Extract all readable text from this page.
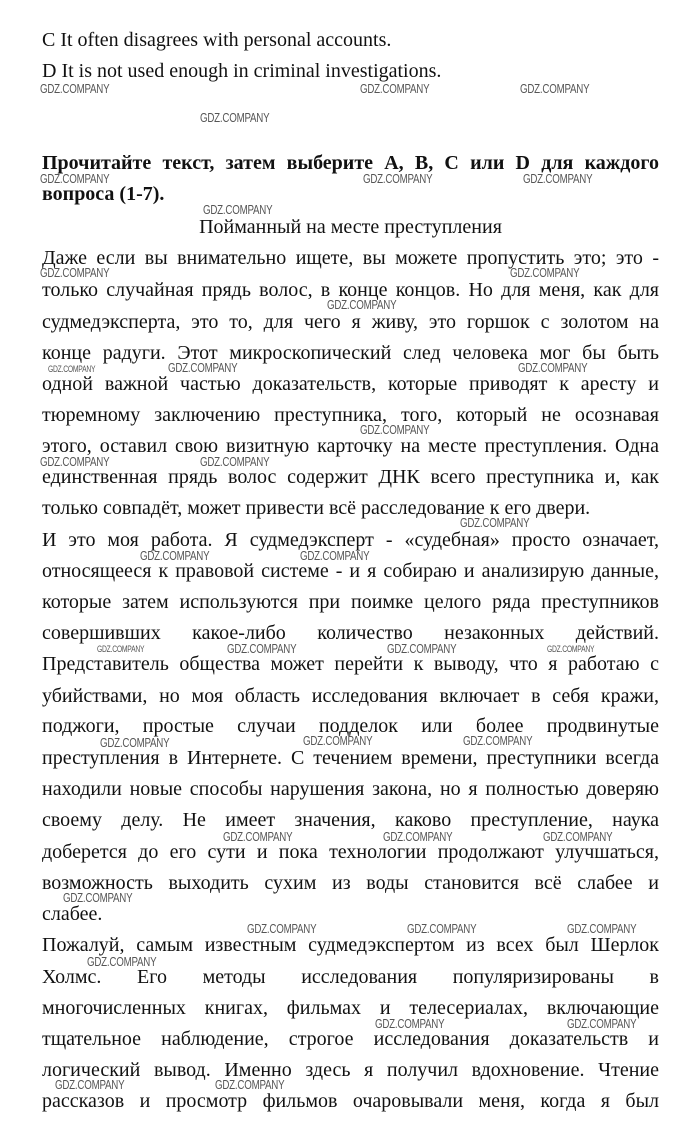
C It often disagrees with personal accounts.
D It is not used enough in criminal investigations.
Прочитайте текст, затем выберите A, B, C или D для каждого
вопроса (1-7).
Пойманный на месте преступления
Даже если вы внимательно ищете, вы можете пропустить это; это -
только случайная прядь волос, в конце концов. Но для меня, как для
судмедэксперта, это то, для чего я живу, это горшок с золотом на
конце радуги. Этот микроскопический след человека мог бы быть
одной важной частью доказательств, которые приводят к аресту и
тюремному заключению преступника, того, который не осознавая
этого, оставил свою визитную карточку на месте преступления. Одна
единственная прядь волос содержит ДНК всего преступника и, как
только совпадёт, может привести всё расследование к его двери.
И это моя работа. Я судмедэксперт - «судебная» просто означает,
относящееся к правовой системе - и я собираю и анализирую данные,
которые затем используются при поимке целого ряда преступников
совершивших какое-либо количество незаконных действий.
Представитель общества может перейти к выводу, что я работаю с
убийствами, но моя область исследования включает в себя кражи,
поджоги, простые случаи подделок или более продвинутые
преступления в Интернете. С течением времени, преступники всегда
находили новые способы нарушения закона, но я полностью доверяю
своему делу. Не имеет значения, каково преступление, наука
доберется до его сути и пока технологии продолжают улучшаться,
возможность выходить сухим из воды становится всё слабее и
слабее.
Пожалуй, самым известным судмедэкспертом из всех был Шерлок
Холмс. Его методы исследования популяризированы в
многочисленных книгах, фильмах и телесериалах, включающие
тщательное наблюдение, строгое исследования доказательств и
логический вывод. Именно здесь я получил вдохновение. Чтение
рассказов и просмотр фильмов очаровывали меня, когда я был
GDZ.COMPANY	GDZ.COMPANY	GDZ.COMPANY
GDZ.COMPANY
GDZ.COMPANY	GDZ.COMPANY	GDZ.COMPANY
GDZ.COMPANY
GDZ.COMPANY	GDZ.COMPANY
GDZ.COMPANY
GDZ.COMPANY	GDZ.COMPANY	GDZ.COMPANY
GDZ.COMPANY
GDZ.COMPANY	GDZ.COMPANY
GDZ.COMPANY
GDZ.COMPANY	GDZ.COMPANY
GDZ.COMPANY	GDZ.COMPANY	GDZ.COMPANY	GDZ.COMPANY
GDZ.COMPANY	GDZ.COMPANY	GDZ.COMPANY
GDZ.COMPANY	GDZ.COMPANY	GDZ.COMPANY
GDZ.COMPANY
GDZ.COMPANY	GDZ.COMPANY	GDZ.COMPANY
GDZ.COMPANY
GDZ.COMPANY	GDZ.COMPANY
GDZ.COMPANY	GDZ.COMPANY
